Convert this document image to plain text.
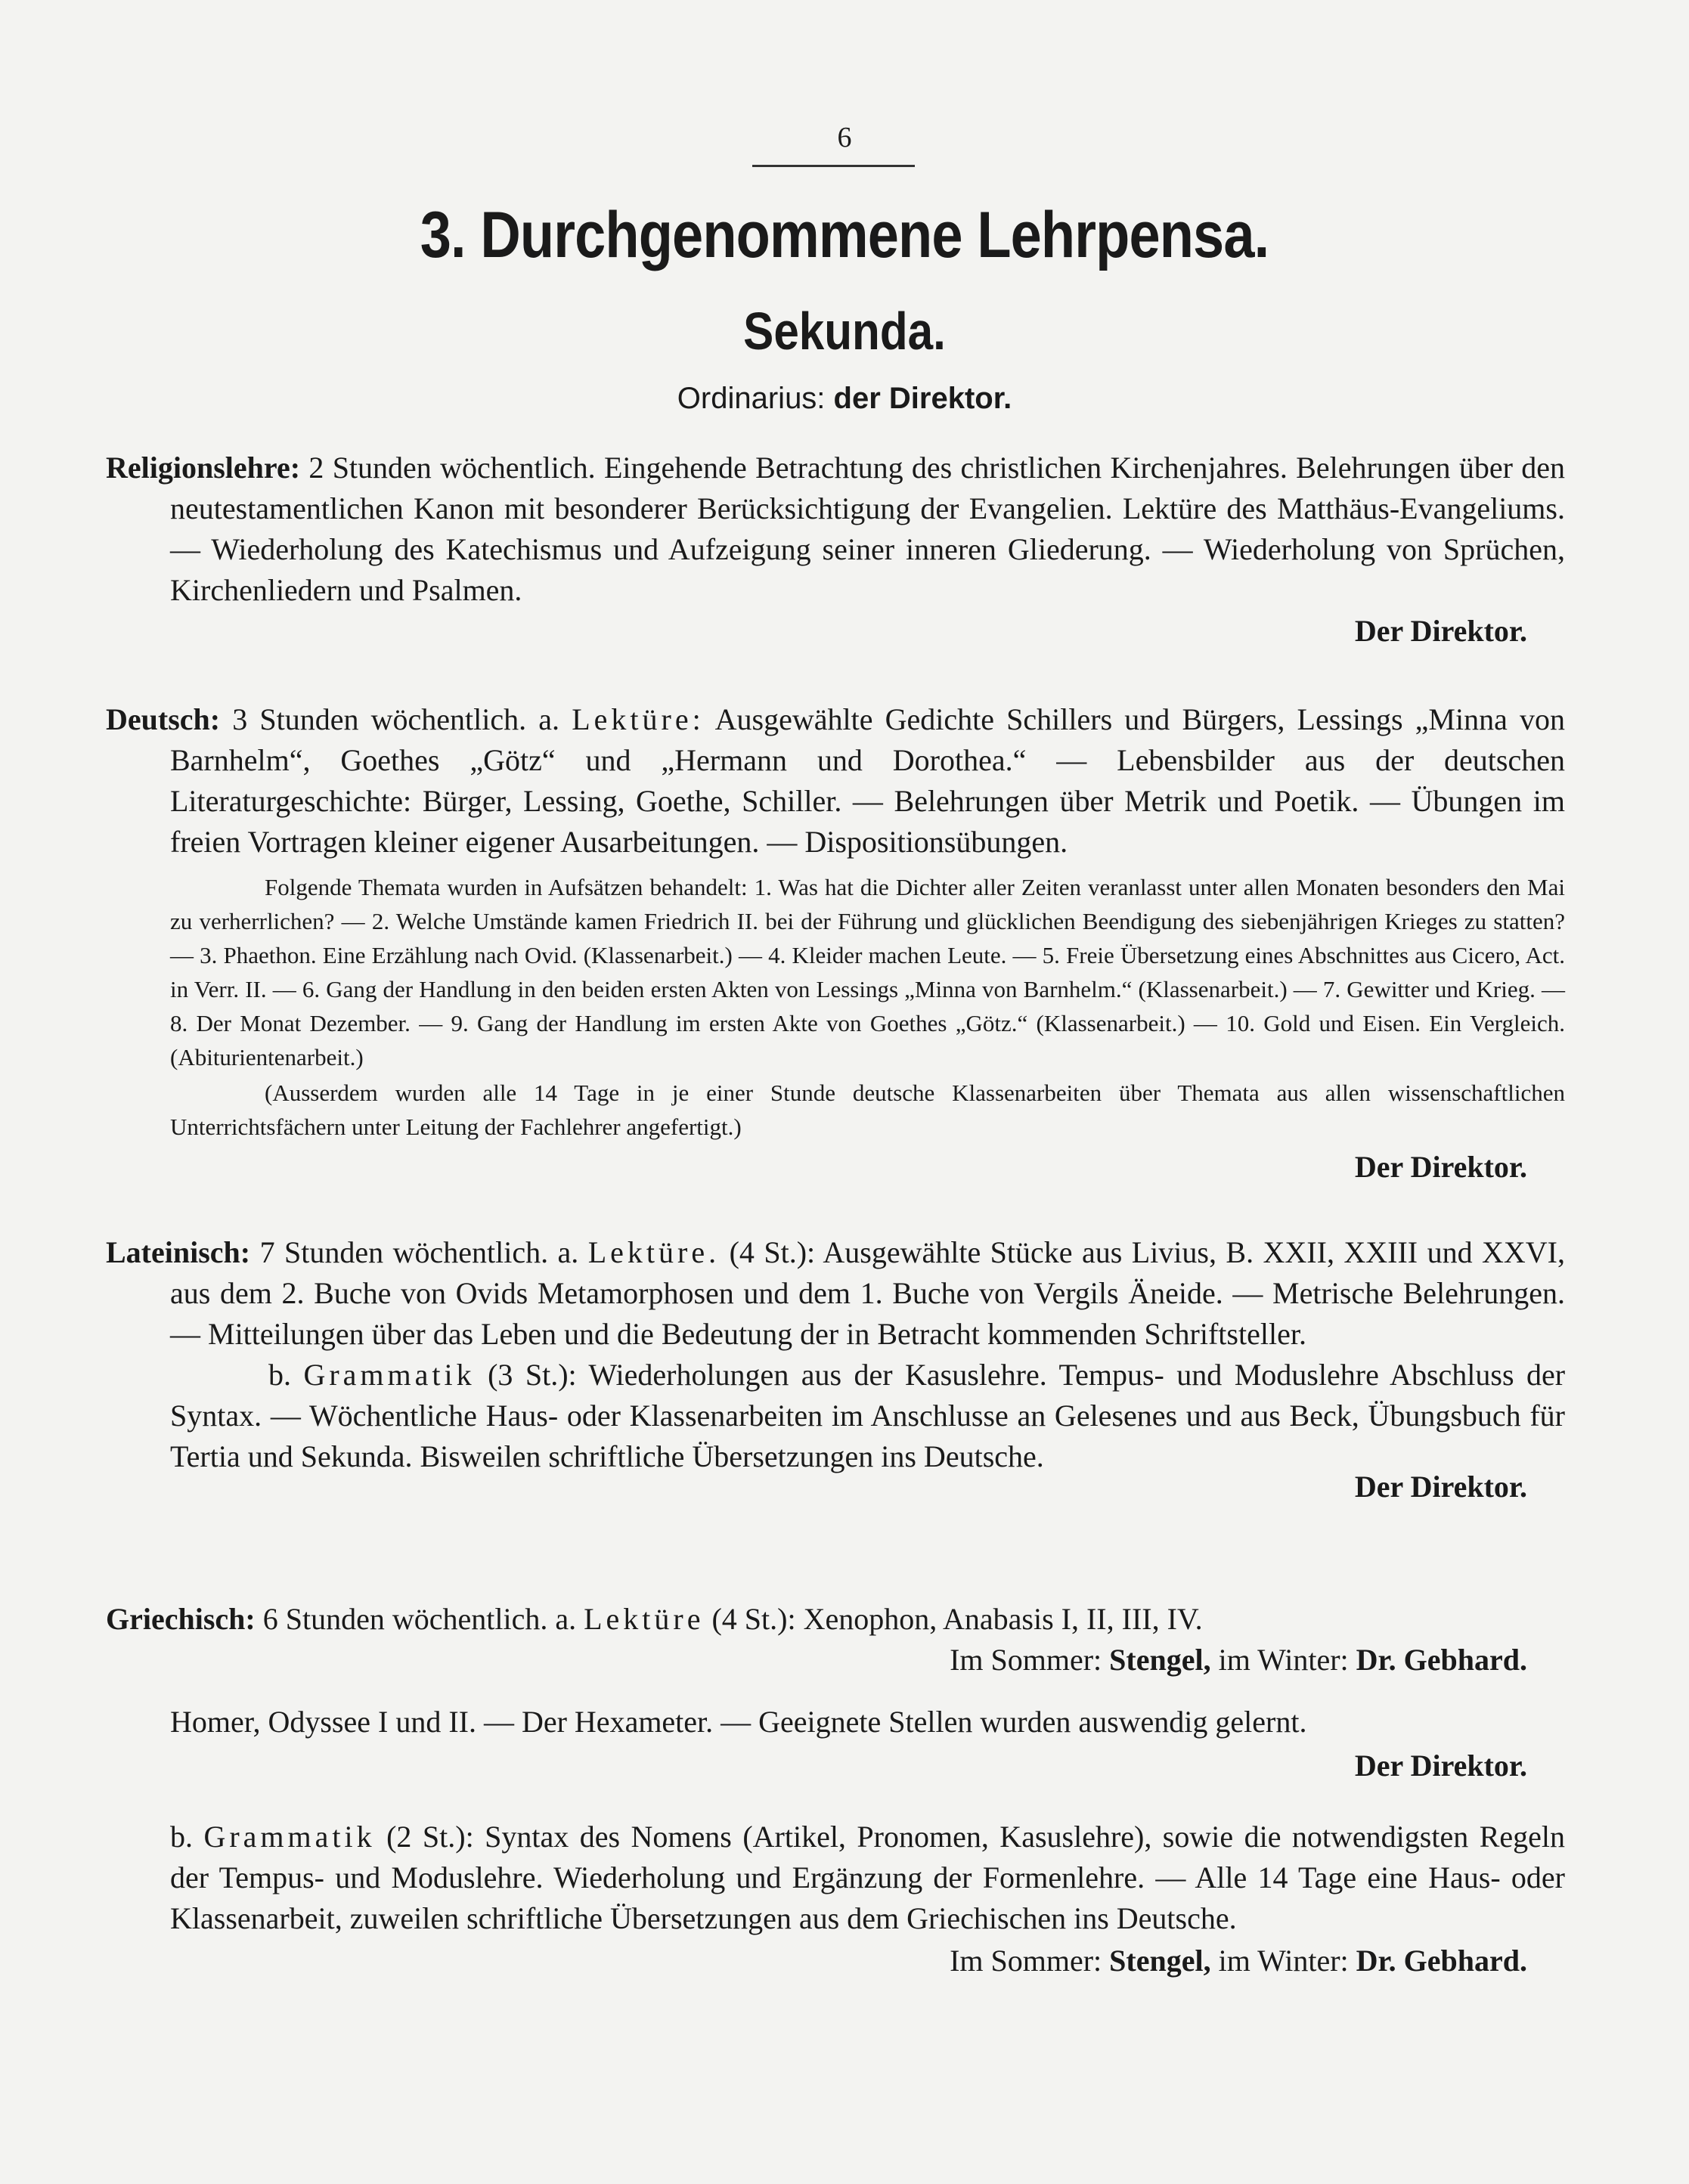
6
3. Durchgenommene Lehrpensa.
Sekunda.
Ordinarius: der Direktor.

Religionslehre: 2 Stunden wöchentlich. Eingehende Betrachtung des christlichen Kirchenjahres. Belehrungen über den neutestamentlichen Kanon mit besonderer Berücksichtigung der Evangelien. Lektüre des Matthäus-Evangeliums. — Wiederholung des Katechismus und Aufzeigung seiner inneren Gliederung. — Wiederholung von Sprüchen, Kirchenliedern und Psalmen.

Der Direktor.

Deutsch: 3 Stunden wöchentlich. a. Lektüre: Ausgewählte Gedichte Schillers und Bürgers, Lessings „Minna von Barnhelm“, Goethes „Götz“ und „Hermann und Dorothea.“ — Lebensbilder aus der deutschen Literaturgeschichte: Bürger, Lessing, Goethe, Schiller. — Belehrungen über Metrik und Poetik. — Übungen im freien Vortragen kleiner eigener Ausarbeitungen. — Dispositionsübungen.

Folgende Themata wurden in Aufsätzen behandelt: 1. Was hat die Dichter aller Zeiten veranlasst unter allen Monaten besonders den Mai zu verherrlichen? — 2. Welche Umstände kamen Friedrich II. bei der Führung und glücklichen Beendigung des siebenjährigen Krieges zu statten? — 3. Phaethon. Eine Erzählung nach Ovid. (Klassenarbeit.) — 4. Kleider machen Leute. — 5. Freie Übersetzung eines Abschnittes aus Cicero, Act. in Verr. II. — 6. Gang der Handlung in den beiden ersten Akten von Lessings „Minna von Barnhelm.“ (Klassenarbeit.) — 7. Gewitter und Krieg. — 8. Der Monat Dezember. — 9. Gang der Handlung im ersten Akte von Goethes „Götz.“ (Klassenarbeit.) — 10. Gold und Eisen. Ein Vergleich. (Abiturientenarbeit.)

(Ausserdem wurden alle 14 Tage in je einer Stunde deutsche Klassenarbeiten über Themata aus allen wissenschaftlichen Unterrichtsfächern unter Leitung der Fachlehrer angefertigt.)

Der Direktor.

Lateinisch: 7 Stunden wöchentlich. a. Lektüre. (4 St.): Ausgewählte Stücke aus Livius, B. XXII, XXIII und XXVI, aus dem 2. Buche von Ovids Metamorphosen und dem 1. Buche von Vergils Äneide. — Metrische Belehrungen. — Mitteilungen über das Leben und die Bedeutung der in Betracht kommenden Schriftsteller.

b. Grammatik (3 St.): Wiederholungen aus der Kasuslehre. Tempus- und Moduslehre Abschluss der Syntax. — Wöchentliche Haus- oder Klassenarbeiten im Anschlusse an Gelesenes und aus Beck, Übungsbuch für Tertia und Sekunda. Bisweilen schriftliche Übersetzungen ins Deutsche.

Der Direktor.

Griechisch: 6 Stunden wöchentlich. a. Lektüre (4 St.): Xenophon, Anabasis I, II, III, IV.

Im Sommer: Stengel, im Winter: Dr. Gebhard.

Homer, Odyssee I und II. — Der Hexameter. — Geeignete Stellen wurden auswendig gelernt.

Der Direktor.

b. Grammatik (2 St.): Syntax des Nomens (Artikel, Pronomen, Kasuslehre), sowie die notwendigsten Regeln der Tempus- und Moduslehre. Wiederholung und Ergänzung der Formenlehre. — Alle 14 Tage eine Haus- oder Klassenarbeit, zuweilen schriftliche Übersetzungen aus dem Griechischen ins Deutsche.

Im Sommer: Stengel, im Winter: Dr. Gebhard.
